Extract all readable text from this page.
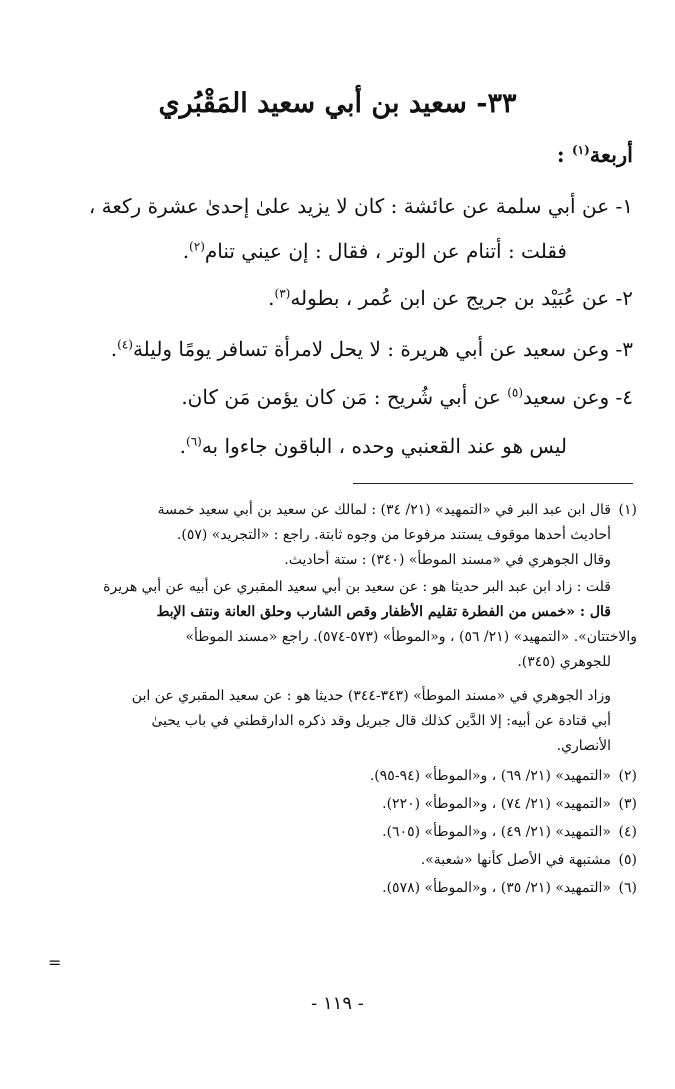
٣٣- سعيد بن أبي سعيد المَقْبُري
أربعة$^{(١)}$ :
١- عن أبي سلمة عن عائشة : كان لا يزيد علىٰ إحدىٰ عشرة ركعة ،
فقلت : أتنام عن الوتر ، فقال : إن عيني تنام$^{(٢)}$.
٢- عن عُبَيْد بن جريج عن ابن عُمر ، بطوله$^{(٣)}$.
٣- وعن سعيد عن أبي هريرة : لا يحل لامرأة تسافر يومًا وليلة$^{(٤)}$.
٤- وعن سعيد$^{(٥)}$ عن أبي شُريح : مَن كان يؤمن مَن كان.
ليس هو عند القعنبي وحده ، الباقون جاءوا به$^{(٦)}$.
(١)قال ابن عبد البر في «التمهيد» (٢١/ ٣٤) : لمالك عن سعيد بن أبي سعيد خمسة
أحاديث أحدها موقوف يستند مرفوعا من وجوه ثابتة. راجع : «التجريد» (٥٧).
وقال الجوهري في «مسند الموطأ» (٣٤٠) : ستة أحاديث.
قلت : زاد ابن عبد البر حديثا هو : عن سعيد بن أبي سعيد المقبري عن أبيه عن أبي هريرة
قال : «خمس من الفطرة تقليم الأظفار وقص الشارب وحلق العانة ونتف الإبط
والاختتان». «التمهيد» (٢١/ ٥٦) ، و«الموطأ» (٥٧٣-٥٧٤). راجع «مسند الموطأ»
للجوهري (٣٤٥).
وزاد الجوهري في «مسند الموطأ» (٣٤٣-٣٤٤) حديثا هو : عن سعيد المقبري عن ابن
أبي قتادة عن أبيه: إلا الدَّين كذلك قال جبريل وقد ذكره الدارقطني في باب يحيىٰ
الأنصاري.
(٢)«التمهيد» (٢١/ ٦٩) ، و«الموطأ» (٩٤-٩٥).
(٣)«التمهيد» (٢١/ ٧٤) ، و«الموطأ» (٢٢٠).
(٤)«التمهيد» (٢١/ ٤٩) ، و«الموطأ» (٦٠٥).
(٥)مشتبهة في الأصل كأنها «شعبة».
(٦)«التمهيد» (٢١/ ٣٥) ، و«الموطأ» (٥٧٨).
=
- ١١٩ -
